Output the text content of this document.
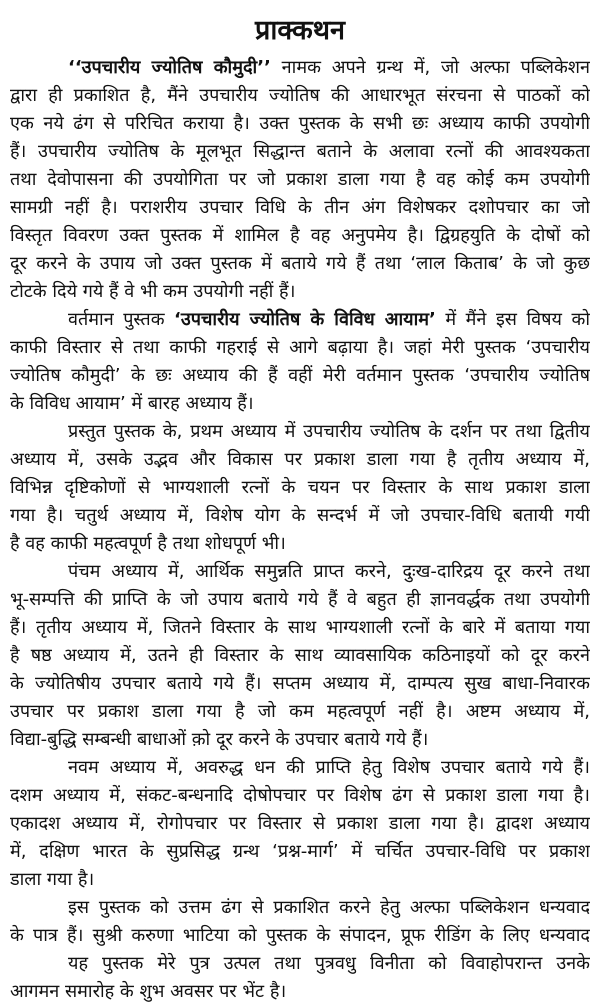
प्राक्कथन
‘‘उपचारीय ज्योतिष कौमुदी’’ नामक अपने ग्रन्थ में, जो अल्फा पब्लिकेशन
द्वारा ही प्रकाशित है, मैंने उपचारीय ज्योतिष की आधारभूत संरचना से पाठकों को
एक नये ढंग से परिचित कराया है। उक्त पुस्तक के सभी छः अध्याय काफी उपयोगी
हैं। उपचारीय ज्योतिष के मूलभूत सिद्धान्त बताने के अलावा रत्नों की आवश्यकता
तथा देवोपासना की उपयोगिता पर जो प्रकाश डाला गया है वह कोई कम उपयोगी
सामग्री नहीं है। पराशरीय उपचार विधि के तीन अंग विशेषकर दशोपचार का जो
विस्तृत विवरण उक्त पुस्तक में शामिल है वह अनुपमेय है। द्विग्रहयुति के दोषों को
दूर करने के उपाय जो उक्त पुस्तक में बताये गये हैं तथा ‘लाल किताब’ के जो कुछ
टोटके दिये गये हैं वे भी कम उपयोगी नहीं हैं।
वर्तमान पुस्तक ‘उपचारीय ज्योतिष के विविध आयाम’ में मैंने इस विषय को
काफी विस्तार से तथा काफी गहराई से आगे बढ़ाया है। जहां मेरी पुस्तक ‘उपचारीय
ज्योतिष कौमुदी’ के छः अध्याय की हैं वहीं मेरी वर्तमान पुस्तक ‘उपचारीय ज्योतिष
के विविध आयाम’ में बारह अध्याय हैं।
प्रस्तुत पुस्तक के, प्रथम अध्याय में उपचारीय ज्योतिष के दर्शन पर तथा द्वितीय
अध्याय में, उसके उद्भव और विकास पर प्रकाश डाला गया है तृतीय अध्याय में,
विभिन्न दृष्टिकोणों से भाग्यशाली रत्नों के चयन पर विस्तार के साथ प्रकाश डाला
गया है। चतुर्थ अध्याय में, विशेष योग के सन्दर्भ में जो उपचार-विधि बतायी गयी
है वह काफी महत्वपूर्ण है तथा शोधपूर्ण भी।
पंचम अध्याय में, आर्थिक समुन्नति प्राप्त करने, दुःख-दारिद्रय दूर करने तथा
भू-सम्पत्ति की प्राप्ति के जो उपाय बताये गये हैं वे बहुत ही ज्ञानवर्द्धक तथा उपयोगी
हैं। तृतीय अध्याय में, जितने विस्तार के साथ भाग्यशाली रत्नों के बारे में बताया गया
है षष्ठ अध्याय में, उतने ही विस्तार के साथ व्यावसायिक कठिनाइयों को दूर करने
के ज्योतिषीय उपचार बताये गये हैं। सप्तम अध्याय में, दाम्पत्य सुख बाधा-निवारक
उपचार पर प्रकाश डाला गया है जो कम महत्वपूर्ण नहीं है। अष्टम अध्याय में,
विद्या-बुद्धि सम्बन्धी बाधाओं क़ो दूर करने के उपचार बताये गये हैं।
नवम अध्याय में, अवरुद्ध धन की प्राप्ति हेतु विशेष उपचार बताये गये हैं।
दशम अध्याय में, संकट-बन्धनादि दोषोपचार पर विशेष ढंग से प्रकाश डाला गया है।
एकादश अध्याय में, रोगोपचार पर विस्तार से प्रकाश डाला गया है। द्वादश अध्याय
में, दक्षिण भारत के सुप्रसिद्ध ग्रन्थ ‘प्रश्न-मार्ग’ में चर्चित उपचार-विधि पर प्रकाश
डाला गया है।
इस पुस्तक को उत्तम ढंग से प्रकाशित करने हेतु अल्फा पब्लिकेशन धन्यवाद
के पात्र हैं। सुश्री करुणा भाटिया को पुस्तक के संपादन, प्रूफ रीडिंग के लिए धन्यवाद
यह पुस्तक मेरे पुत्र उत्पल तथा पुत्रवधु विनीता को विवाहोपरान्त उनके
आगमन समारोह के शुभ अवसर पर भेंट है।
